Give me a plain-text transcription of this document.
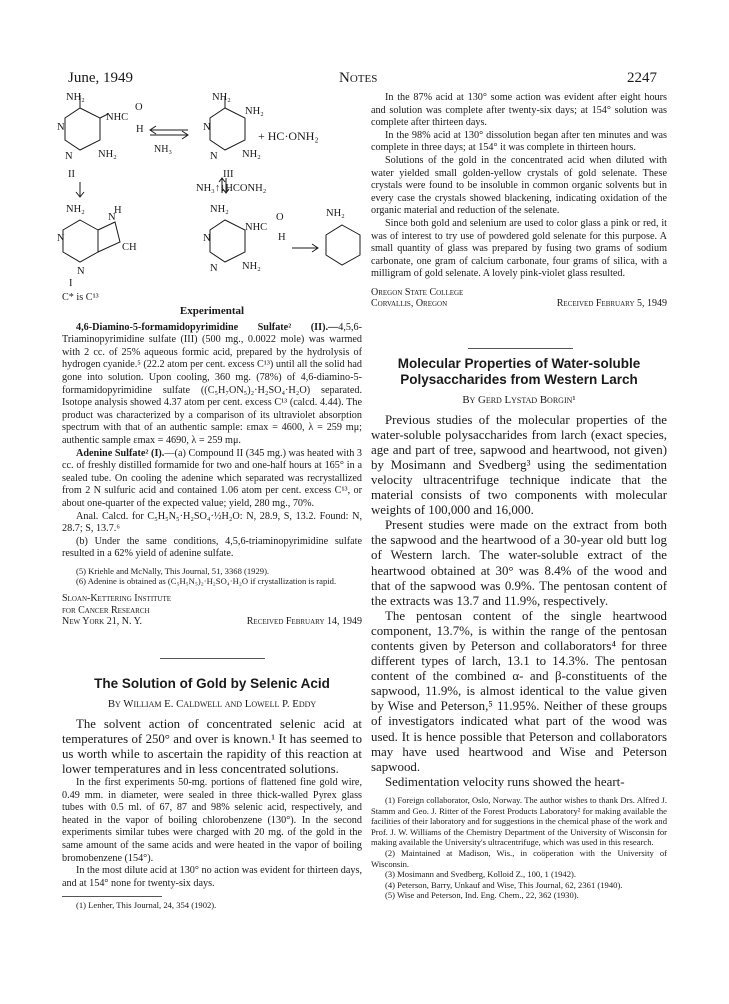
June, 1949	Notes	2247
NH₂
NHC
O
H
N
N NH₂
II
NH₃
NH₂
NH₂
+ HC·ONH₂
N
N NH₂
III
NH₃↑↓HCONH₂
NH₂
N
H
CH
N
N
I
NH₂
NHC
O
H
N
N NH₂
NH₂
C* is C¹³
Experimental

4,6-Diamino-5-formamidopyrimidine Sulfate² (II).—4,5,6-Triaminopyrimidine sulfate (III) (500 mg., 0.0022 mole) was warmed with 2 cc. of 25% aqueous formic acid, prepared by the hydrolysis of hydrogen cyanide.⁵ (22.2 atom per cent. excess C¹³) until all the solid had gone into solution. Upon cooling, 360 mg. (78%) of 4,6-diamino-5-formamidopyrimidine sulfate ((C₅H₇ON₅)₂·H₂SO₄·H₂O) separated. Isotope analysis showed 4.37 atom per cent. excess C¹³ (calcd. 4.44). The product was characterized by a comparison of its ultraviolet absorption spectrum with that of an authentic sample: εmax = 4600, λ = 259 mμ; authentic sample εmax = 4690, λ = 259 mμ.

Adenine Sulfate² (I).—(a) Compound II (345 mg.) was heated with 3 cc. of freshly distilled formamide for two and one-half hours at 165° in a sealed tube. On cooling the adenine which separated was recrystallized from 2 N sulfuric acid and contained 1.06 atom per cent. excess C¹³, or about one-quarter of the expected value; yield, 280 mg., 70%.

Anal. Calcd. for C₅H₅N₅·H₂SO₄·½H₂O: N, 28.9, S, 13.2. Found: N, 28.7; S, 13.7.⁶

(b) Under the same conditions, 4,5,6-triaminopyrimidine sulfate resulted in a 62% yield of adenine sulfate.

(5) Kriehle and McNally, This Journal, 51, 3368 (1929).

(6) Adenine is obtained as (C₅H₅N₅)₂·H₂SO₄·H₂O if crystallization is rapid.

Sloan-Kettering Institute
for Cancer Research
New York 21, N. Y.	Received February 14, 1949
The Solution of Gold by Selenic Acid
By William E. Caldwell and Lowell P. Eddy

The solvent action of concentrated selenic acid at temperatures of 250° and over is known.¹ It has seemed to us worth while to ascertain the rapidity of this reaction at lower temperatures and in less concentrated solutions.

In the first experiments 50-mg. portions of flattened fine gold wire, 0.49 mm. in diameter, were sealed in three thick-walled Pyrex glass tubes with 0.5 ml. of 67, 87 and 98% selenic acid, respectively, and heated in the vapor of boiling chlorobenzene (130°). In the second experiments similar tubes were charged with 20 mg. of the gold in the same amount of the same acids and were heated in the vapor of boiling bromobenzene (154°).

In the most dilute acid at 130° no action was evident for thirteen days, and at 154° none for twenty-six days.

(1) Lenher, This Journal, 24, 354 (1902).

In the 87% acid at 130° some action was evident after eight hours and solution was complete after twenty-six days; at 154° solution was complete after thirteen days.

In the 98% acid at 130° dissolution began after ten minutes and was complete in three days; at 154° it was complete in thirteen hours.

Solutions of the gold in the concentrated acid when diluted with water yielded small golden-yellow crystals of gold selenate. These crystals were found to be insoluble in common organic solvents but in every case the crystals showed blackening, indicating oxidation of the organic material and reduction of the selenate.

Since both gold and selenium are used to color glass a pink or red, it was of interest to try use of powdered gold selenate for this purpose. A small quantity of glass was prepared by fusing two grams of sodium carbonate, one gram of calcium carbonate, four grams of silica, with a milligram of gold selenate. A lovely pink-violet glass resulted.

Oregon State College
Corvallis, Oregon	Received February 5, 1949
Molecular Properties of Water-soluble Polysaccharides from Western Larch
By Gerd Lystad Borgin¹

Previous studies of the molecular properties of the water-soluble polysaccharides from larch (exact species, age and part of tree, sapwood and heartwood, not given) by Mosimann and Svedberg³ using the sedimentation velocity ultracentrifuge technique indicate that the material consists of two components with molecular weights of 100,000 and 16,000.

Present studies were made on the extract from both the sapwood and the heartwood of a 30-year old butt log of Western larch. The water-soluble extract of the heartwood obtained at 30° was 8.4% of the wood and that of the sapwood was 0.9%. The pentosan content of the extracts was 13.7 and 11.9%, respectively.

The pentosan content of the single heartwood component, 13.7%, is within the range of the pentosan contents given by Peterson and collaborators⁴ for three different types of larch, 13.1 to 14.3%. The pentosan content of the combined α- and β-constituents of the sapwood, 11.9%, is almost identical to the value given by Wise and Peterson,⁵ 11.95%. Neither of these groups of investigators indicated what part of the wood was used. It is hence possible that Peterson and collaborators may have used heartwood and Wise and Peterson sapwood.

Sedimentation velocity runs showed the heart-

(1) Foreign collaborator, Oslo, Norway. The author wishes to thank Drs. Alfred J. Stamm and Geo. J. Ritter of the Forest Products Laboratory² for making available the facilities of their laboratory and for suggestions in the chemical phase of the work and Prof. J. W. Williams of the Chemistry Department of the University of Wisconsin for making available the University's ultracentrifuge, which was used in this research.

(2) Maintained at Madison, Wis., in coöperation with the University of Wisconsin.

(3) Mosimann and Svedberg, Kolloid Z., 100, 1 (1942).

(4) Peterson, Barry, Unkauf and Wise, This Journal, 62, 2361 (1940).

(5) Wise and Peterson, Ind. Eng. Chem., 22, 362 (1930).
